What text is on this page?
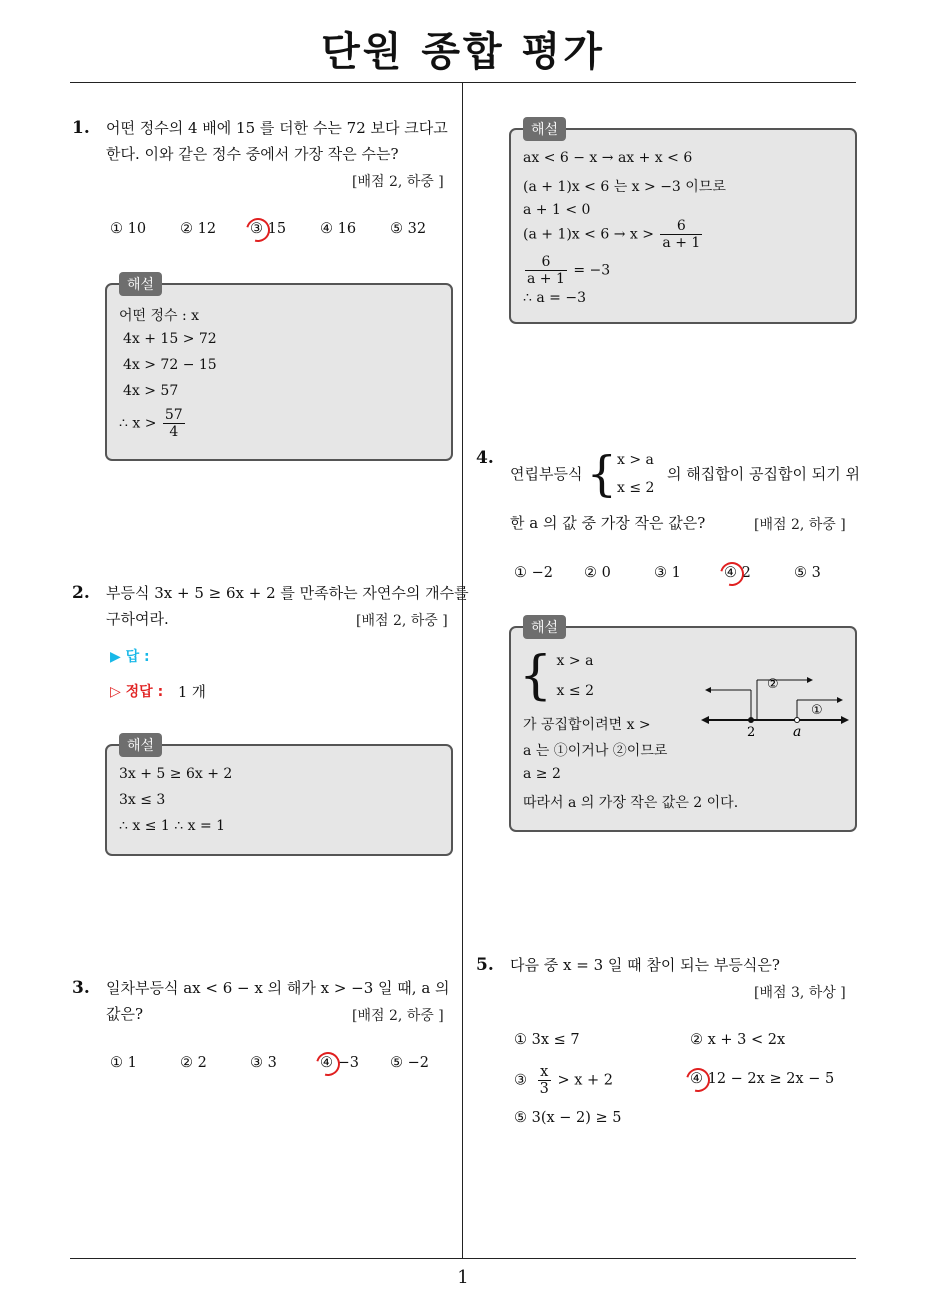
단원 종합 평가
1
1. 어떤 정수의 4 배에 15 를 더한 수는 72 보다 크다고
한다. 이와 같은 정수 중에서 가장 작은 수는?
[배점 2, 하중 ]
① 10 ② 12 ③ 15 ④ 16 ⑤ 32
해설
어떤 정수 : x
4x + 15 > 72
4x > 72 − 15
4x > 57
∴ $x > \frac{57}{4}$
2. 부등식 3x + 5 ≥ 6x + 2 를 만족하는 자연수의 개수를
구하여라.	[배점 2, 하중 ]
▶ 답 :
▷ 정답 : 1 개
해설
3x + 5 ≥ 6x + 2
3x ≤ 3
∴ x ≤ 1 ∴ x = 1
3. 일차부등식 ax < 6 − x 의 해가 x > −3 일 때, a 의
값은?	[배점 2, 하중 ]
① 1	② 2	③ 3	④ −3 ⑤ −2
해설
ax < 6 − x → ax + x < 6
(a + 1)x < 6 는 x > −3 이므로
a + 1 < 0
$(a + 1)x < 6 \to x > \frac{6}{a + 1}$
$\frac{6}{a + 1} = -3$
∴ a = −3
4.
연립부등식 { x > a
x ≤ 2
의 해집합이 공집합이 되기 위
한 a 의 값 중 가장 작은 값은?	[배점 2, 하중 ]
① −2 ② 0	③ 1	④ 2	⑤ 3
해설
{ x > a
x ≤ 2
가 공집합이려면 x >
a 는 ①이거나 ②이므로
a ≥ 2
따라서 a 의 가장 작은 값은 2 이다.
2	a
②
①
5. 다음 중 x = 3 일 때 참이 되는 부등식은?
[배점 3, 하상 ]
① 3x ≤ 7	② x + 3 < 2x
③ $\frac{x}{3} > x + 2$	④ 12 − 2x ≥ 2x − 5
⑤ 3(x − 2) ≥ 5
